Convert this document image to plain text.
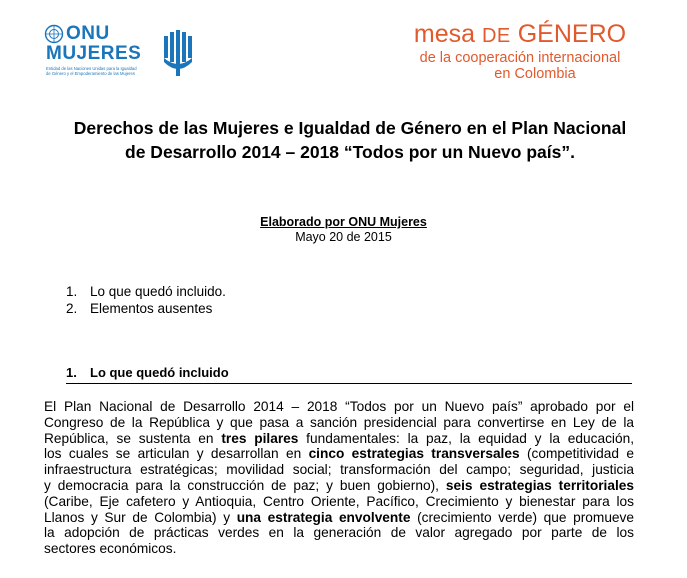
ONU
MUJERES
Entidad de las Naciones Unidas para la Igualdad
de Género y el Empoderamiento de las Mujeres
mesa DE GÉNERO
de la cooperación internacional
en Colombia
Derechos de las Mujeres e Igualdad de Género en el Plan Nacional
de Desarrollo 2014 – 2018 “Todos por un Nuevo país”.
Elaborado por ONU Mujeres
Mayo 20 de 2015
1. Lo que quedó incluido.
2. Elementos ausentes
1. Lo que quedó incluido
El Plan Nacional de Desarrollo 2014 – 2018 “Todos por un Nuevo país” aprobado por el
Congreso de la República y que pasa a sanción presidencial para convertirse en Ley de la
República, se sustenta en tres pilares fundamentales: la paz, la equidad y la educación,
los cuales se articulan y desarrollan en cinco estrategias transversales (competitividad e
infraestructura estratégicas; movilidad social; transformación del campo; seguridad, justicia
y democracia para la construcción de paz; y buen gobierno), seis estrategias territoriales
(Caribe, Eje cafetero y Antioquia, Centro Oriente, Pacífico, Crecimiento y bienestar para los
Llanos y Sur de Colombia) y una estrategia envolvente (crecimiento verde) que promueve
la adopción de prácticas verdes en la generación de valor agregado por parte de los
sectores económicos.
